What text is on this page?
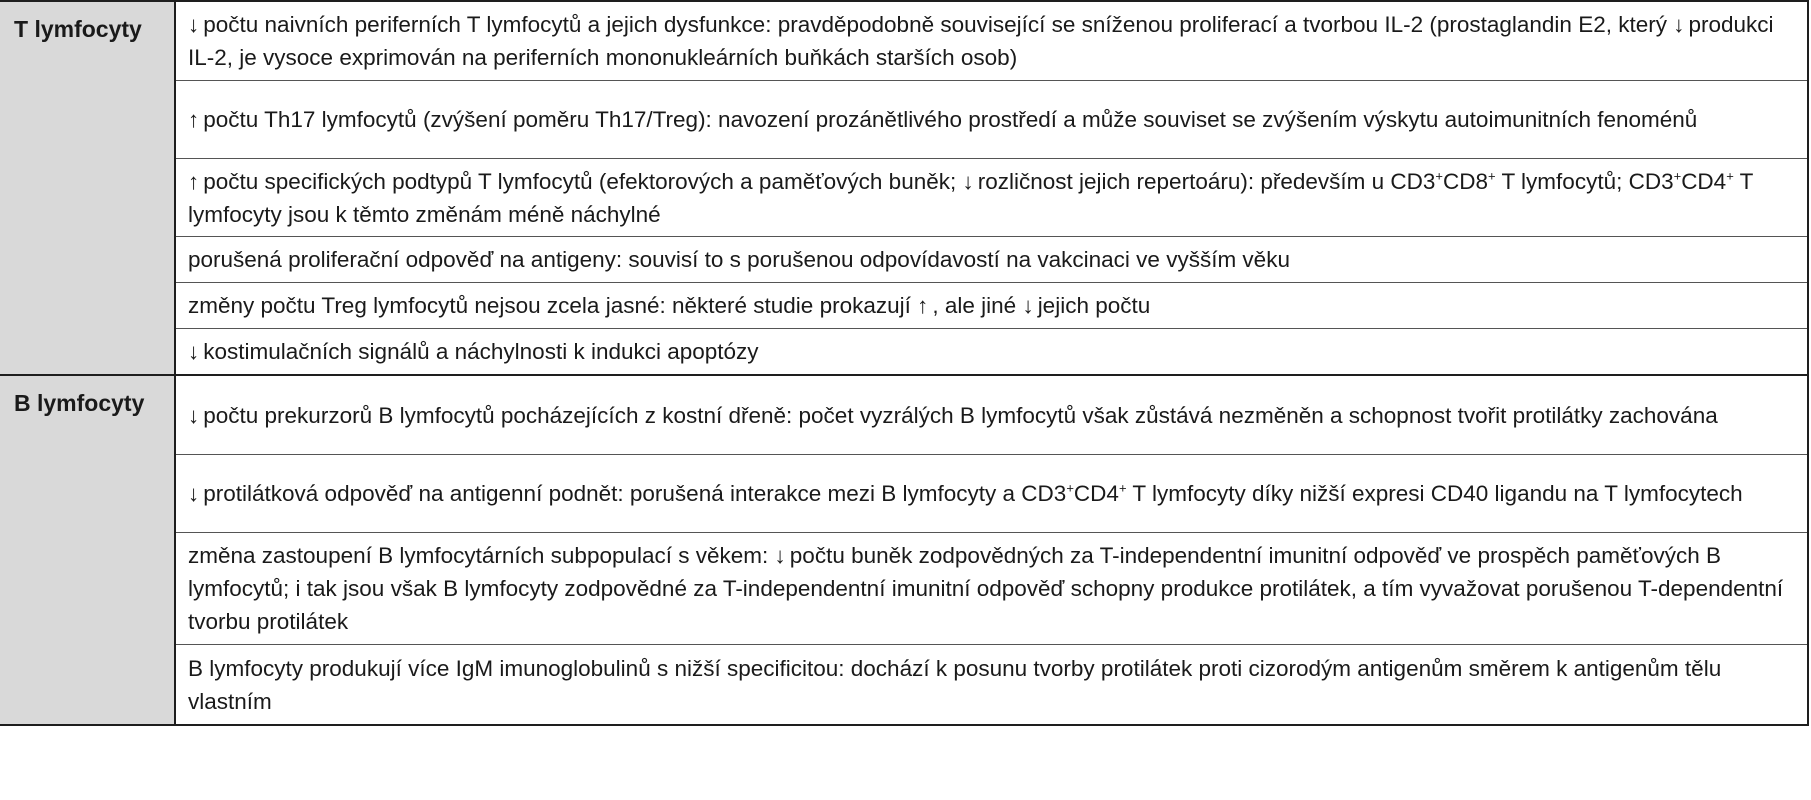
T lymfocyty	↓ počtu naivních periferních T lymfocytů a jejich dysfunkce: pravděpodobně související se sníženou proliferací a tvorbou IL-2 (prostaglandin E2, který ↓ produkci IL-2, je vysoce exprimován na periferních mononukleárních buňkách starších osob)
↑ počtu Th17 lymfocytů (zvýšení poměru Th17/Treg): navození prozánětlivého prostředí a může souviset se zvýšením výskytu autoimunitních fenoménů
↑ počtu specifických podtypů T lymfocytů (efektorových a paměťových buněk; ↓ rozličnost jejich repertoáru): především u CD3+CD8+ T lymfocytů; CD3+CD4+ T lymfocyty jsou k těmto změnám méně náchylné
porušená proliferační odpověď na antigeny: souvisí to s porušenou odpovídavostí na vakcinaci ve vyšším věku
změny počtu Treg lymfocytů nejsou zcela jasné: některé studie prokazují ↑ , ale jiné ↓ jejich počtu
↓ kostimulačních signálů a náchylnosti k indukci apoptózy
B lymfocyty	↓ počtu prekurzorů B lymfocytů pocházejících z kostní dřeně: počet vyzrálých B lymfocytů však zůstává nezměněn a schopnost tvořit protilátky zachována
↓ protilátková odpověď na antigenní podnět: porušená interakce mezi B lymfocyty a CD3+CD4+ T lymfocyty díky nižší expresi CD40 ligandu na T lymfocytech
změna zastoupení B lymfocytárních subpopulací s věkem: ↓ počtu buněk zodpovědných za T-independentní imunitní odpověď ve prospěch paměťových B lymfocytů; i tak jsou však B lymfocyty zodpovědné za T-independentní imunitní odpověď schopny produkce protilátek, a tím vyvažovat porušenou T-dependentní tvorbu protilátek
B lymfocyty produkují více IgM imunoglobulinů s nižší specificitou: dochází k posunu tvorby protilátek proti cizorodým antigenům směrem k antigenům tělu vlastním
